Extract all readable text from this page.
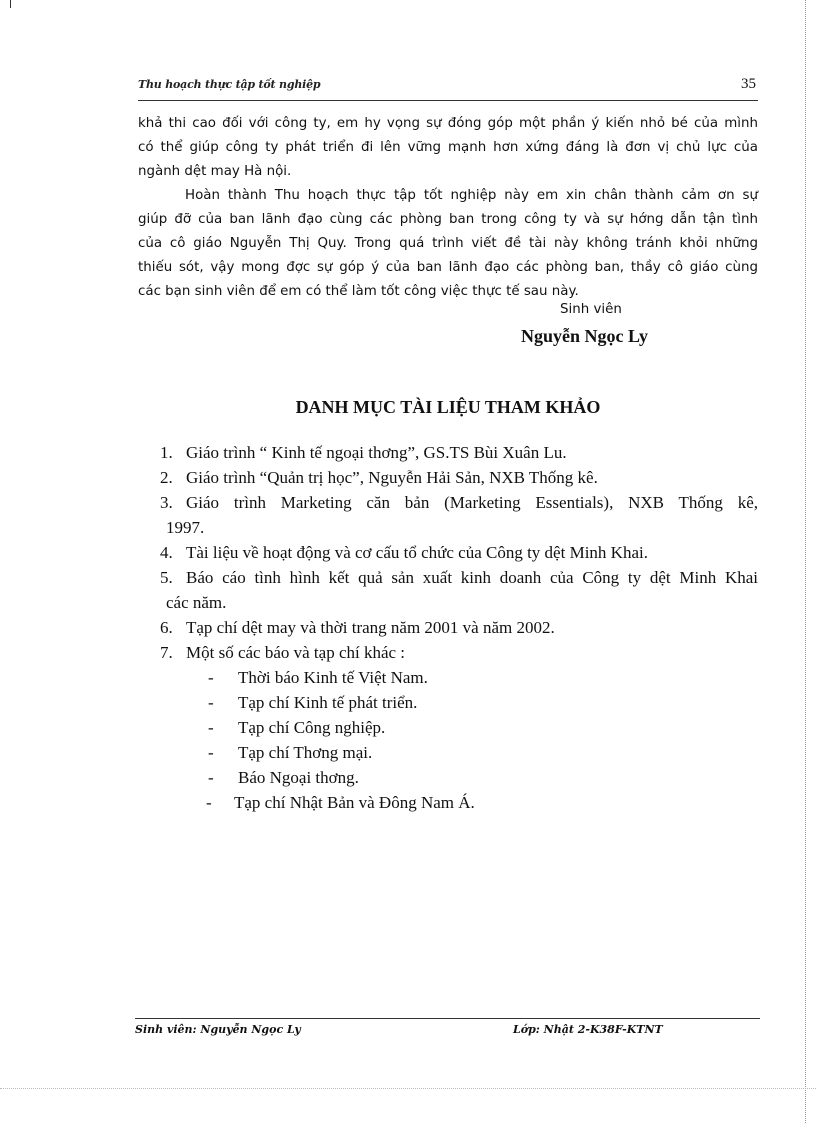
Thu hoạch thực tập tốt nghiệp	35
khả thi cao đối với công ty, em hy vọng sự đóng góp một phần ý kiến nhỏ bé của mình
có thể giúp công ty phát triển đi lên vững mạnh hơn xứng đáng là đơn vị chủ lực của
ngành dệt may Hà nội.
Hoàn thành Thu hoạch thực tập tốt nghiệp này em xin chân thành cảm ơn sự
giúp đỡ của ban lãnh đạo cùng các phòng ban trong công ty và sự hớng dẫn tận tình
của cô giáo Nguyễn Thị Quy. Trong quá trình viết đề tài này không tránh khỏi những
thiếu sót, vậy mong đợc sự góp ý của ban lãnh đạo các phòng ban, thầy cô giáo cùng
các bạn sinh viên để em có thể làm tốt công việc thực tế sau này.
Sinh viên
Nguyễn Ngọc Ly
DANH MỤC TÀI LIỆU THAM KHẢO
1. Giáo trình “ Kinh tế ngoại thơng”, GS.TS Bùi Xuân Lu.
2. Giáo trình “Quản trị học”, Nguyễn Hải Sản, NXB Thống kê.
3. Giáo trình Marketing căn bản (Marketing Essentials), NXB Thống kê,
1997.
4. Tài liệu về hoạt động và cơ cấu tổ chức của Công ty dệt Minh Khai.
5. Báo cáo tình hình kết quả sản xuất kinh doanh của Công ty dệt Minh Khai
các năm.
6. Tạp chí dệt may và thời trang năm 2001 và năm 2002.
7. Một số các báo và tạp chí khác :
- Thời báo Kinh tế Việt Nam.
- Tạp chí Kinh tế phát triển.
- Tạp chí Công nghiệp.
- Tạp chí Thơng mại.
- Báo Ngoại thơng.
- Tạp chí Nhật Bản và Đông Nam Á.
Sinh viên: Nguyễn Ngọc Ly	Lớp: Nhật 2-K38F-KTNT
